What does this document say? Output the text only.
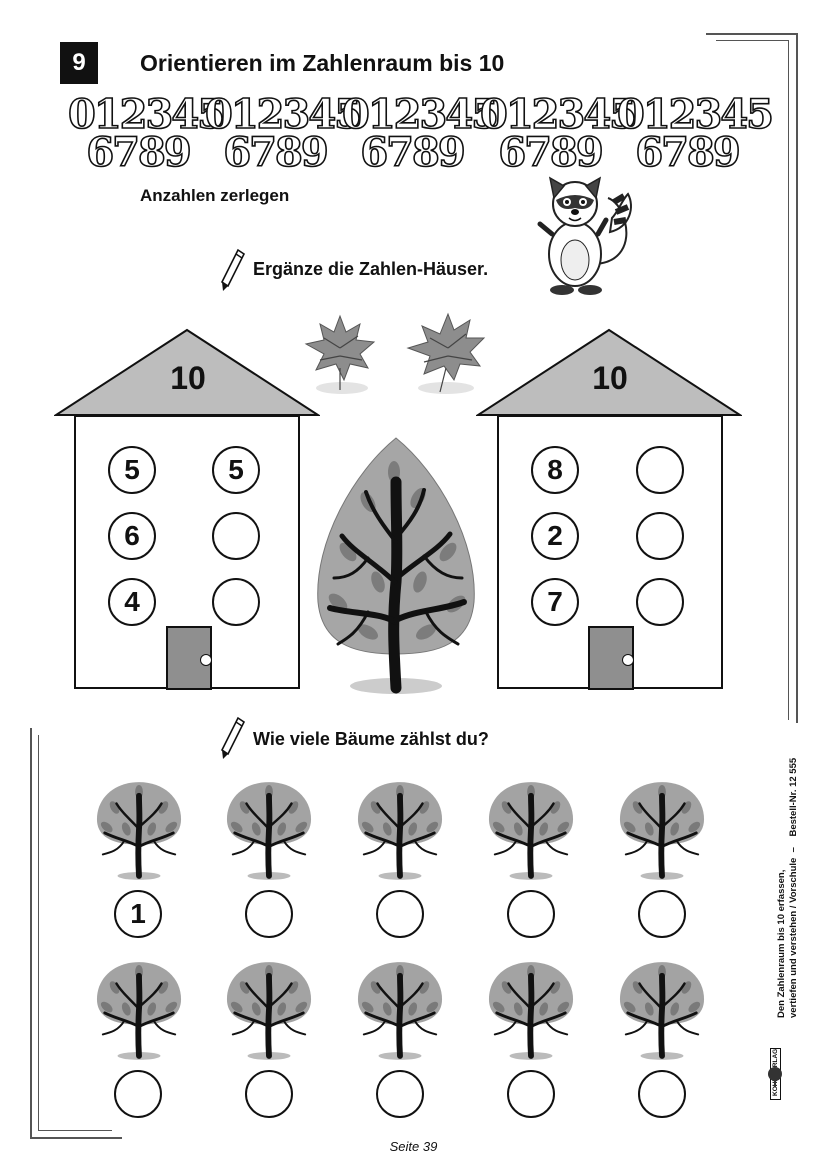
9	Orientieren im Zahlenraum bis 10
012345
6789
012345
6789
012345
6789
012345
6789
012345
6789
Anzahlen zerlegen
Ergänze die Zahlen-Häuser.
10
5	5
6
4
10
8
2
7
Wie viele Bäume zählst du?
1	Den Zahlenraum bis 10 erfassen, vertiefen und verstehen / Vorschule  –    Bestell-Nr. 12 555
Seite 39
